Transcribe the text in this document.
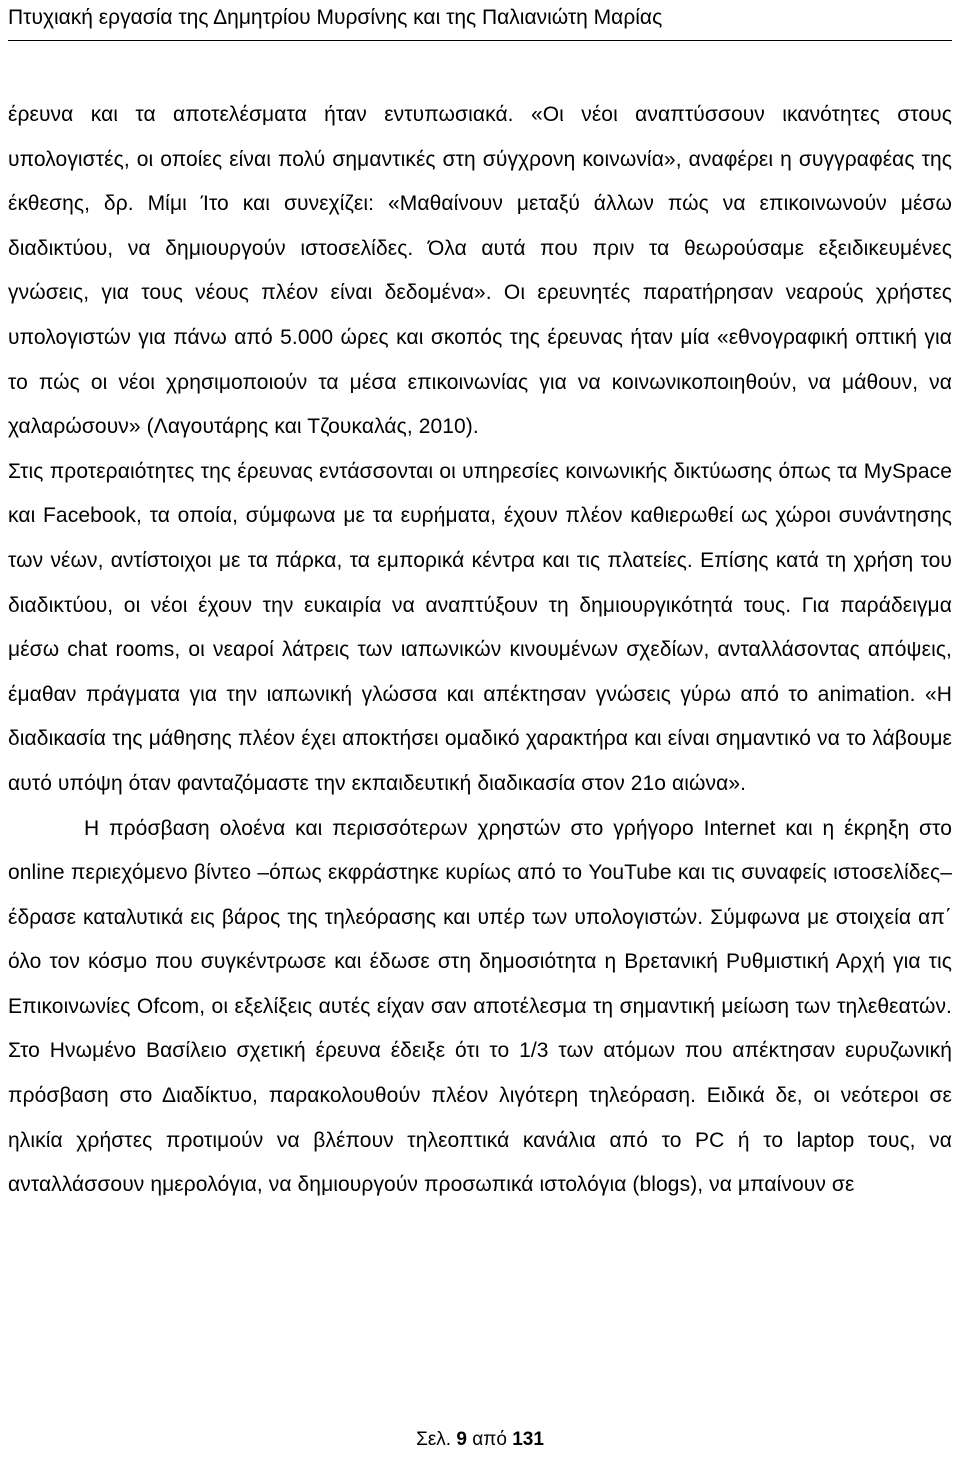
Πτυχιακή εργασία της Δημητρίου Μυρσίνης και της Παλιανιώτη Μαρίας

έρευνα και τα αποτελέσματα ήταν εντυπωσιακά. «Οι νέοι αναπτύσσουν ικανότητες στους υπολογιστές, οι οποίες είναι πολύ σημαντικές στη σύγχρονη κοινωνία», αναφέρει η συγγραφέας της έκθεσης, δρ. Μίμι Ίτο και συνεχίζει: «Μαθαίνουν μεταξύ άλλων πώς να επικοινωνούν μέσω διαδικτύου, να δημιουργούν ιστοσελίδες. Όλα αυτά που πριν τα θεωρούσαμε εξειδικευμένες γνώσεις, για τους νέους πλέον είναι δεδομένα». Οι ερευνητές παρατήρησαν νεαρούς χρήστες υπολογιστών για πάνω από 5.000 ώρες και σκοπός της έρευνας ήταν μία «εθνογραφική οπτική για το πώς οι νέοι χρησιμοποιούν τα μέσα επικοινωνίας για να κοινωνικοποιηθούν, να μάθουν, να χαλαρώσουν» (Λαγουτάρης και Τζουκαλάς, 2010).

Στις προτεραιότητες της έρευνας εντάσσονται οι υπηρεσίες κοινωνικής δικτύωσης όπως τα MySpace και Facebook, τα οποία, σύμφωνα με τα ευρήματα, έχουν πλέον καθιερωθεί ως χώροι συνάντησης των νέων, αντίστοιχοι με τα πάρκα, τα εμπορικά κέντρα και τις πλατείες. Επίσης κατά τη χρήση του διαδικτύου, οι νέοι έχουν την ευκαιρία να αναπτύξουν τη δημιουργικότητά τους. Για παράδειγμα μέσω chat rooms, οι νεαροί λάτρεις των ιαπωνικών κινουμένων σχεδίων, ανταλλάσοντας απόψεις, έμαθαν πράγματα για την ιαπωνική γλώσσα και απέκτησαν γνώσεις γύρω από το animation. «Η διαδικασία της μάθησης πλέον έχει αποκτήσει ομαδικό χαρακτήρα και είναι σημαντικό να το λάβουμε αυτό υπόψη όταν φανταζόμαστε την εκπαιδευτική διαδικασία στον 21ο αιώνα».

Η πρόσβαση ολοένα και περισσότερων χρηστών στο γρήγορο Internet και η έκρηξη στο online περιεχόμενο βίντεο –όπως εκφράστηκε κυρίως από το YouTube και τις συναφείς ιστοσελίδες– έδρασε καταλυτικά εις βάρος της τηλεόρασης και υπέρ των υπολογιστών. Σύμφωνα με στοιχεία απ΄ όλο τον κόσμο που συγκέντρωσε και έδωσε στη δημοσιότητα η Βρετανική Ρυθμιστική Αρχή για τις Επικοινωνίες Ofcom, οι εξελίξεις αυτές είχαν σαν αποτέλεσμα τη σημαντική μείωση των τηλεθεατών. Στο Ηνωμένο Βασίλειο σχετική έρευνα έδειξε ότι το 1/3 των ατόμων που απέκτησαν ευρυζωνική πρόσβαση στο Διαδίκτυο, παρακολουθούν πλέον λιγότερη τηλεόραση. Ειδικά δε, οι νεότεροι σε ηλικία χρήστες προτιμούν να βλέπουν τηλεοπτικά κανάλια από το PC ή το laptop τους, να ανταλλάσσουν ημερολόγια, να δημιουργούν προσωπικά ιστολόγια (blogs), να μπαίνουν σε

Σελ. 9 από 131
